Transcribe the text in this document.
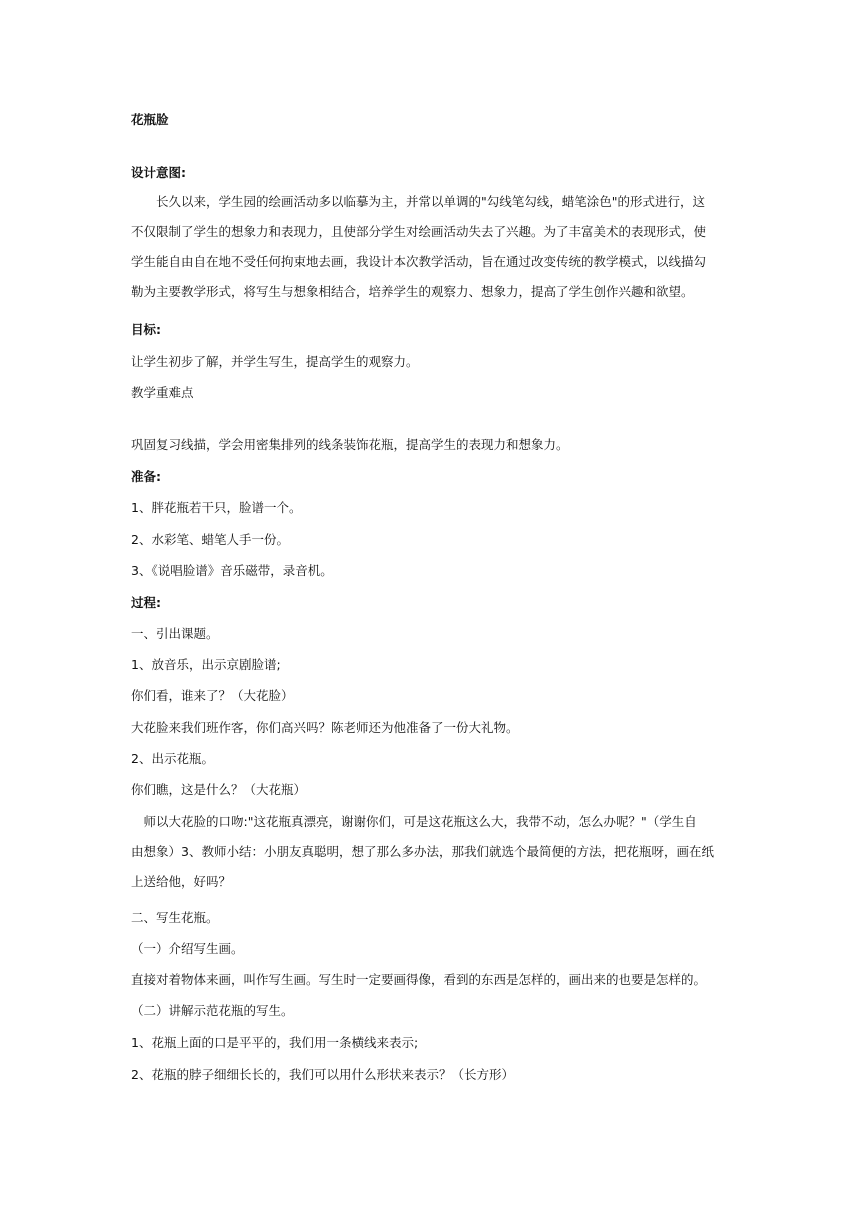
花瓶脸
设计意图:
　　长久以来，学生园的绘画活动多以临摹为主，并常以单调的"勾线笔勾线，蜡笔涂色"的形式进行，这
不仅限制了学生的想象力和表现力，且使部分学生对绘画活动失去了兴趣。为了丰富美术的表现形式，使
学生能自由自在地不受任何拘束地去画，我设计本次教学活动，旨在通过改变传统的教学模式，以线描勾
勒为主要教学形式，将写生与想象相结合，培养学生的观察力、想象力，提高了学生创作兴趣和欲望。
目标:
让学生初步了解，并学生写生，提高学生的观察力。
教学重难点
巩固复习线描，学会用密集排列的线条装饰花瓶，提高学生的表现力和想象力。
准备:
1、胖花瓶若干只，脸谱一个。
2、水彩笔、蜡笔人手一份。
3、《说唱脸谱》音乐磁带，录音机。
过程:
一、引出课题。
1、放音乐，出示京剧脸谱;
你们看，谁来了？（大花脸）
大花脸来我们班作客，你们高兴吗？陈老师还为他准备了一份大礼物。
2、出示花瓶。
你们瞧，这是什么？（大花瓶）
　师以大花脸的口吻:"这花瓶真漂亮，谢谢你们，可是这花瓶这么大，我带不动，怎么办呢？"（学生自
由想象）3、教师小结：小朋友真聪明，想了那么多办法，那我们就选个最简便的方法，把花瓶呀，画在纸
上送给他，好吗？
二、写生花瓶。
（一）介绍写生画。
直接对着物体来画，叫作写生画。写生时一定要画得像，看到的东西是怎样的，画出来的也要是怎样的。
（二）讲解示范花瓶的写生。
1、花瓶上面的口是平平的，我们用一条横线来表示;
2、花瓶的脖子细细长长的，我们可以用什么形状来表示？（长方形）
